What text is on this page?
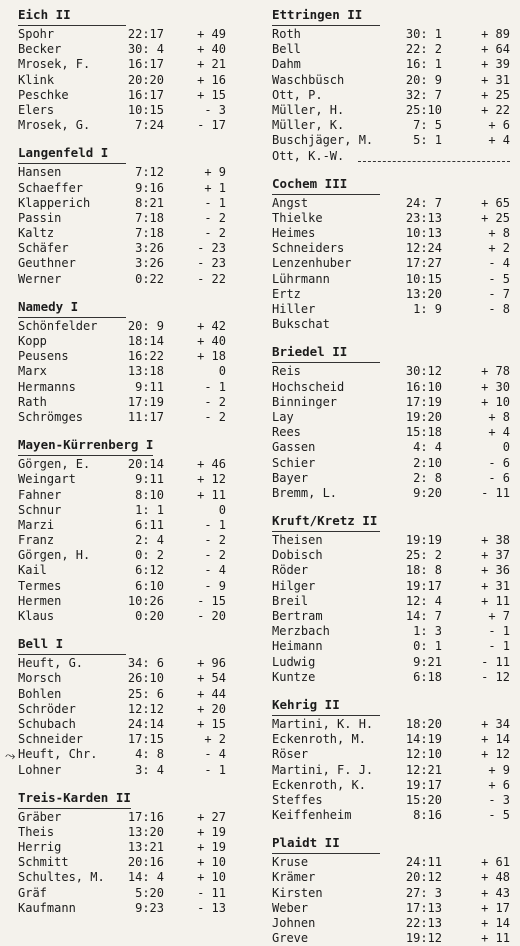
Eich II
Spohr	22:17	+ 49
Becker	30: 4	+ 40
Mrosek, F.	16:17	+ 21
Klink	20:20	+ 16
Peschke	16:17	+ 15
Elers	10:15	- 3
Mrosek, G.	7:24	- 17
Langenfeld I
Hansen	7:12	+ 9
Schaeffer	9:16	+ 1
Klapperich	8:21	- 1
Passin	7:18	- 2
Kaltz	7:18	- 2
Schäfer	3:26	- 23
Geuthner	3:26	- 23
Werner	0:22	- 22
Namedy I
Schönfelder	20: 9	+ 42
Kopp	18:14	+ 40
Peusens	16:22	+ 18
Marx	13:18	0
Hermanns	9:11	- 1
Rath	17:19	- 2
Schrömges	11:17	- 2
Mayen-Kürrenberg I
Görgen, E.	20:14	+ 46
Weingart	9:11	+ 12
Fahner	8:10	+ 11
Schnur	1: 1	0
Marzi	6:11	- 1
Franz	2: 4	- 2
Görgen, H.	0: 2	- 2
Kail	6:12	- 4
Termes	6:10	- 9
Hermen	10:26	- 15
Klaus	0:20	- 20
Bell I
Heuft, G.	34: 6	+ 96
Morsch	26:10	+ 54
Bohlen	25: 6	+ 44
Schröder	12:12	+ 20
Schubach	24:14	+ 15
Schneider	17:15	+ 2
Heuft, Chr.	4: 8	- 4
⤳
Lohner	3: 4	- 1
Treis-Karden II
Gräber	17:16	+ 27
Theis	13:20	+ 19
Herrig	13:21	+ 19
Schmitt	20:16	+ 10
Schultes, M.	14: 4	+ 10
Gräf	5:20	- 11
Kaufmann	9:23	- 13
Ettringen II
Roth	30: 1	+ 89
Bell	22: 2	+ 64
Dahm	16: 1	+ 39
Waschbüsch	20: 9	+ 31
Ott, P.	32: 7	+ 25
Müller, H.	25:10	+ 22
Müller, K.	7: 5	+ 6
Buschjäger, M.	5: 1	+ 4
Ott, K.-W.
Cochem III
Angst	24: 7	+ 65
Thielke	23:13	+ 25
Heimes	10:13	+ 8
Schneiders	12:24	+ 2
Lenzenhuber	17:27	- 4
Lührmann	10:15	- 5
Ertz	13:20	- 7
Hiller	1: 9	- 8
Bukschat
Briedel II
Reis	30:12	+ 78
Hochscheid	16:10	+ 30
Binninger	17:19	+ 10
Lay	19:20	+ 8
Rees	15:18	+ 4
Gassen	4: 4	0
Schier	2:10	- 6
Bayer	2: 8	- 6
Bremm, L.	9:20	- 11
Kruft/Kretz II
Theisen	19:19	+ 38
Dobisch	25: 2	+ 37
Röder	18: 8	+ 36
Hilger	19:17	+ 31
Breil	12: 4	+ 11
Bertram	14: 7	+ 7
Merzbach	1: 3	- 1
Heimann	0: 1	- 1
Ludwig	9:21	- 11
Kuntze	6:18	- 12
Kehrig II
Martini, K. H.	18:20	+ 34
Eckenroth, M.	14:19	+ 14
Röser	12:10	+ 12
Martini, F. J.	12:21	+ 9
Eckenroth, K.	19:17	+ 6
Steffes	15:20	- 3
Keiffenheim	8:16	- 5
Plaidt II
Kruse	24:11	+ 61
Krämer	20:12	+ 48
Kirsten	27: 3	+ 43
Weber	17:13	+ 17
Johnen	22:13	+ 14
Greve	19:12	+ 11
